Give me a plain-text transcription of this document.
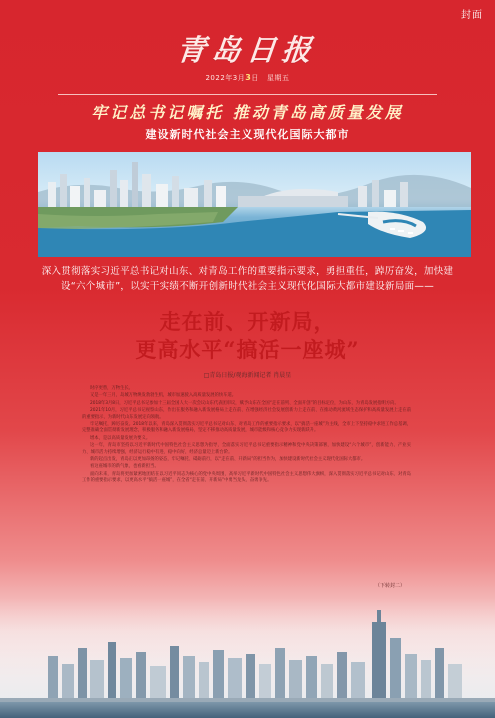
封面
青岛日报
2022年3月3日 星期五
牢记总书记嘱托 推动青岛高质量发展
建设新时代社会主义现代化国际大都市
深入贯彻落实习近平总书记对山东、对青岛工作的重要指示要求，勇担重任，踔厉奋发，加快建设“六个城市”，以实干实绩不断开创新时代社会主义现代化国际大都市建设新局面——
走在前、开新局，
更高水平“搞活一座城”
□青岛日报/观海新闻记者 肖晨星

时序更替，万物生长。

又是一年三月，岛城万物焕发勃勃生机，城市加速驶入高质量发展的快车道。

2018年3月8日，习近平总书记参加十三届全国人大一次会议山东代表团审议，赋予山东在全国“走在前列、全面开创”的目标定位，为山东、为青岛发展指明方向。

2021年10月，习近平总书记视察山东，作出在服务和融入新发展格局上走在前、在增强经济社会发展创新力上走在前、在推动黄河流域生态保护和高质量发展上走在前的重要指示，为新时代山东发展定向领航。

牢记嘱托，踔厉奋发。2018年以来，青岛深入贯彻落实习近平总书记对山东、对青岛工作的重要指示要求，以“搞活一座城”为主线，全市上下坚持稳中求进工作总基调，完整准确全面贯彻新发展理念，积极服务和融入新发展格局，坚定不移推动高质量发展，城市能级和核心竞争力实现新跃升。

增本，是以高质量发展为要义。

这一年，青岛市坚持以习近平新时代中国特色社会主义思想为指导，全面落实习近平总书记重要指示精神和党中央决策部署，加快建设“六个城市”，创新能力、产业实力、城市活力持续增强，经济运行稳中有进、稳中向好，经济总量迈上新台阶。

新的起点出发，青岛正以更加昂扬的姿态，牢记嘱托、砥砺前行，以“走在前、开新局”的担当作为，加快建设新时代社会主义现代化国际大都市。

看这座城市的新气象，也看新担当。

面向未来，青岛将更加紧密地团结在以习近平同志为核心的党中央周围，高举习近平新时代中国特色社会主义思想伟大旗帜，深入贯彻落实习近平总书记对山东、对青岛工作的重要指示要求，以更高水平“搞活一座城”，在全省“走在前、开新局”中勇当龙头、奋勇争先。

（下转封二）
